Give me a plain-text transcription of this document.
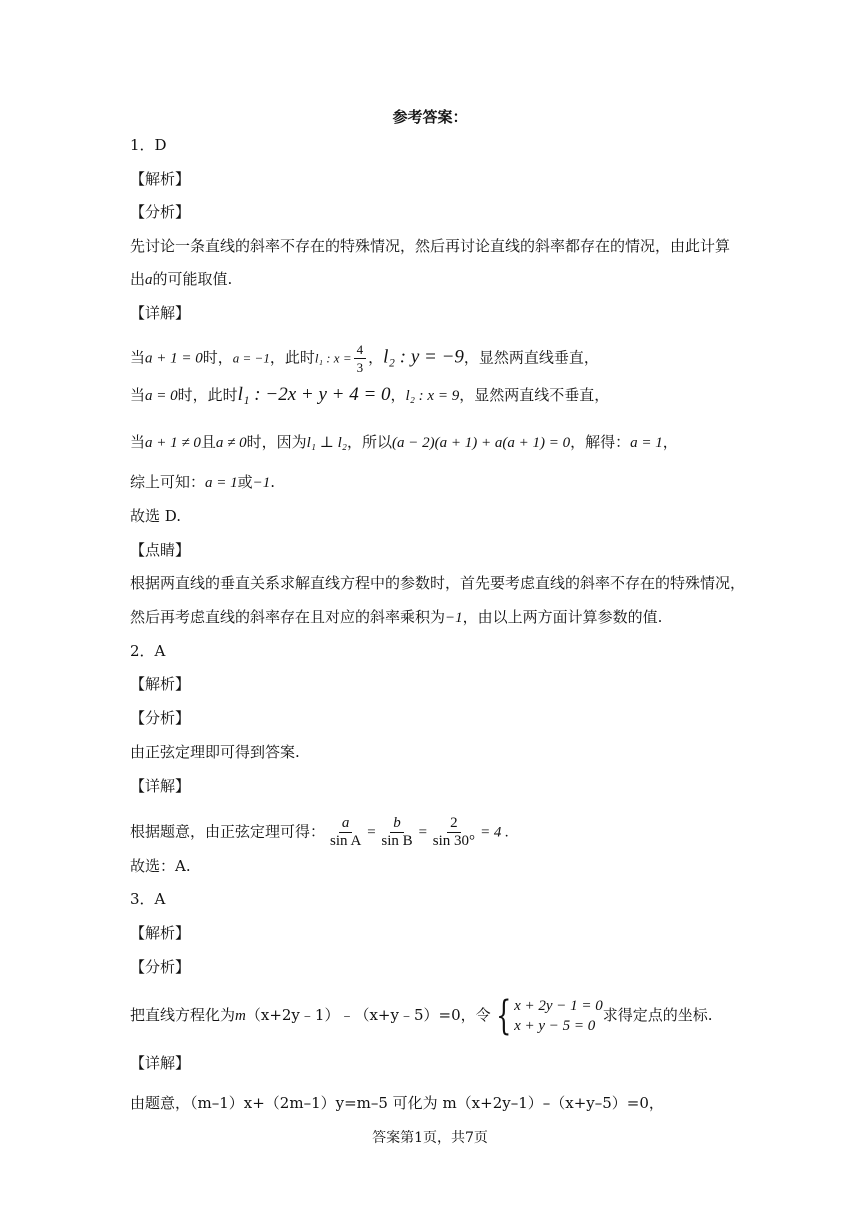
参考答案：
1．D
【解析】
【分析】
先讨论一条直线的斜率不存在的特殊情况，然后再讨论直线的斜率都存在的情况，由此计算
出a的可能取值.
【详解】
当a + 1 = 0时，a = −1，此时l₁ : $x = \frac{4}{3}$ ，l₂ : y = −9，显然两直线垂直，
当a = 0时，此时l₁ : −2x + y + 4 = 0，l₂ : x = 9，显然两直线不垂直，
当a + 1 ≠ 0且a ≠ 0时，因为l₁ ⊥ l₂，所以(a − 2)(a + 1) + a(a + 1) = 0，解得：a = 1，
综上可知：a = 1或−1.
故选 D.
【点睛】
根据两直线的垂直关系求解直线方程中的参数时，首先要考虑直线的斜率不存在的特殊情况，
然后再考虑直线的斜率存在且对应的斜率乘积为−1，由以上两方面计算参数的值.
2．A
【解析】
【分析】
由正弦定理即可得到答案.
【详解】
根据题意，由正弦定理可得： $\frac{a}{\text{sin A}} = \frac{b}{\text{sin B}} = \frac{2}{\sin 30^\circ} = 4$ .
故选：A.
3．A
【解析】
【分析】
把直线方程化为m（x+2y﹣1）﹣（x+y﹣5）=0，令 { x + 2y − 1 = 0
x + y − 5 = 0
求得定点的坐标.
【详解】
由题意，（m–1）x+（2m–1）y=m–5 可化为 m（x+2y–1）–（x+y–5）=0，
答案第1页，共7页
